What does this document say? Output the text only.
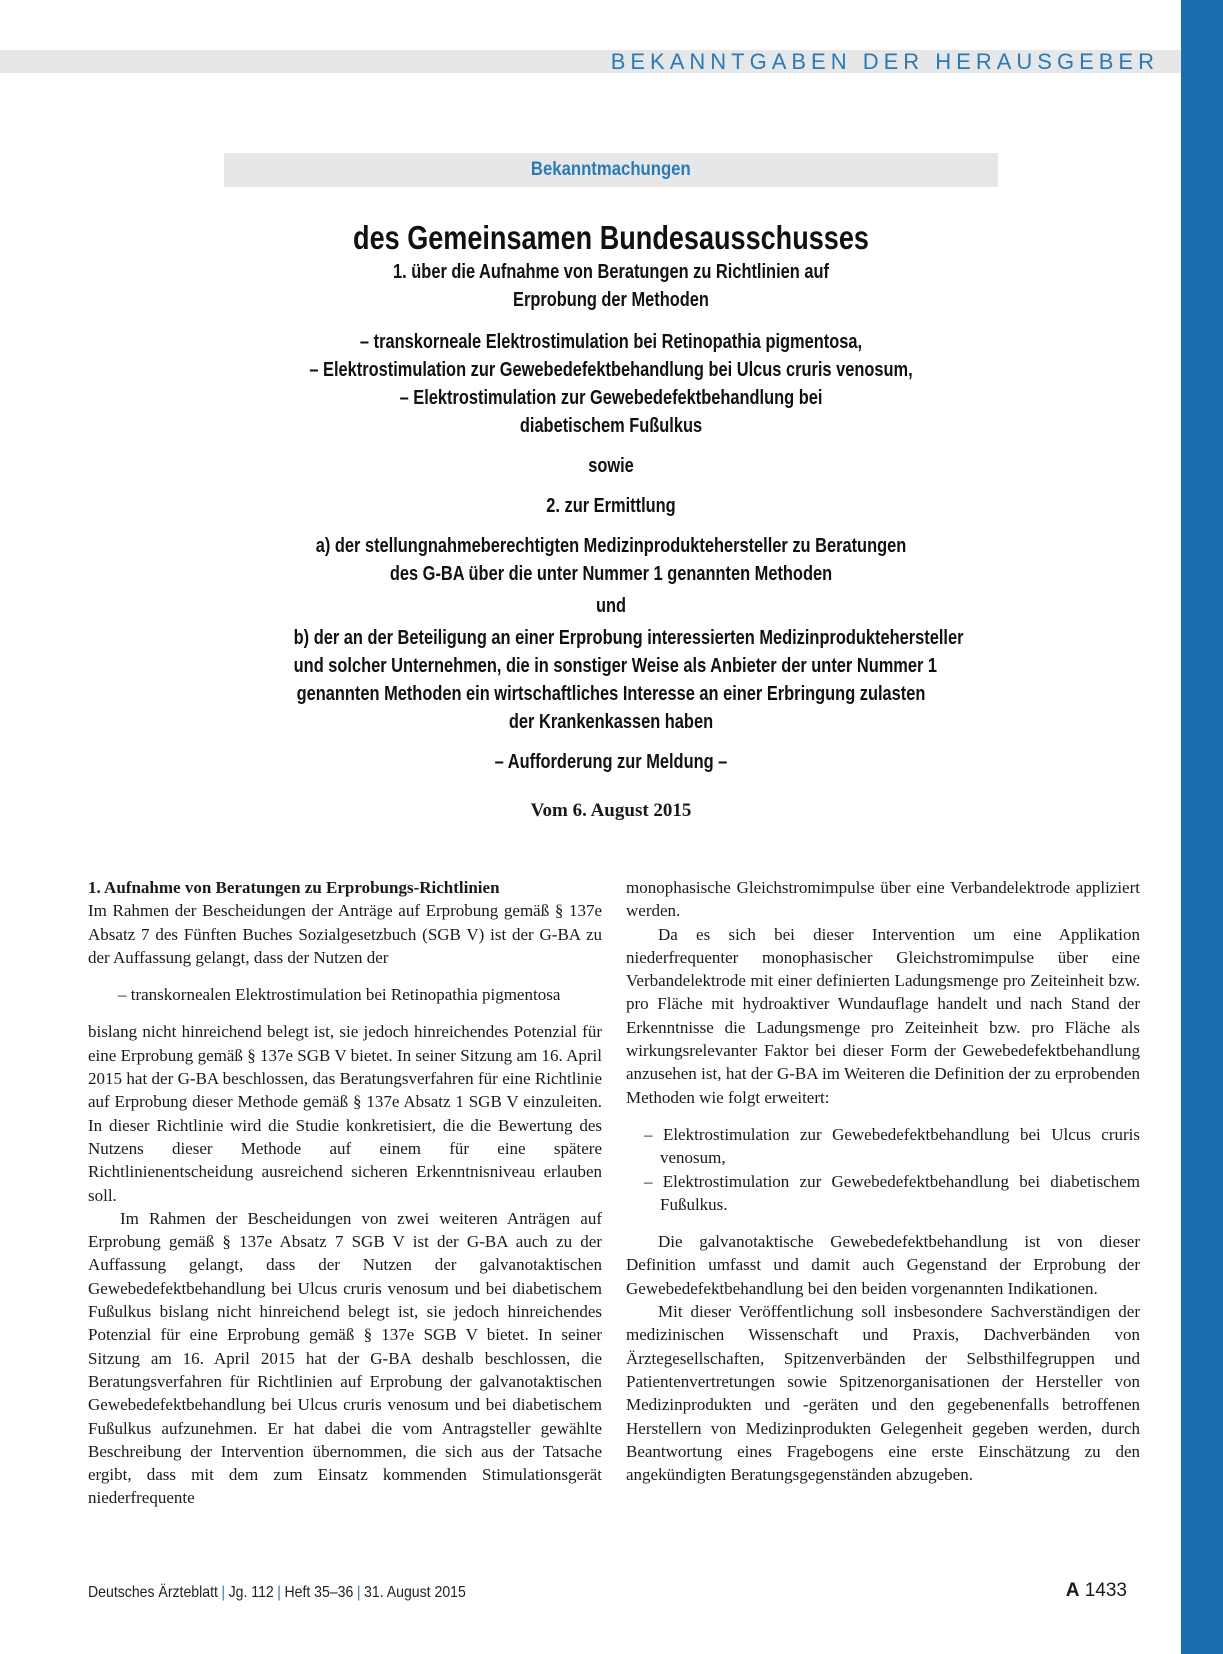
BEKANNTGABEN DER HERAUSGEBER
Bekanntmachungen
des Gemeinsamen Bundesausschusses
1. über die Aufnahme von Beratungen zu Richtlinien auf
Erprobung der Methoden
– transkorneale Elektrostimulation bei Retinopathia pigmentosa,
– Elektrostimulation zur Gewebedefektbehandlung bei Ulcus cruris venosum,
– Elektrostimulation zur Gewebedefektbehandlung bei
diabetischem Fußulkus
sowie
2. zur Ermittlung
a) der stellungnahmeberechtigten Medizinproduktehersteller zu Beratungen
des G-BA über die unter Nummer 1 genannten Methoden
und
b) der an der Beteiligung an einer Erprobung interessierten Medizinproduktehersteller
und solcher Unternehmen, die in sonstiger Weise als Anbieter der unter Nummer 1
genannten Methoden ein wirtschaftliches Interesse an einer Erbringung zulasten
der Krankenkassen haben
– Aufforderung zur Meldung –
Vom 6. August 2015

1. Aufnahme von Beratungen zu Erprobungs-Richtlinien

Im Rahmen der Bescheidungen der Anträge auf Erprobung gemäß § 137e Absatz 7 des Fünften Buches Sozialgesetzbuch (SGB V) ist der G-BA zu der Auffassung gelangt, dass der Nutzen der

– transkornealen Elektrostimulation bei Retinopathia pigmentosa

bislang nicht hinreichend belegt ist, sie jedoch hinreichendes Potenzial für eine Erprobung gemäß § 137e SGB V bietet. In seiner Sitzung am 16. April 2015 hat der G-BA beschlossen, das Beratungsverfahren für eine Richtlinie auf Erprobung dieser Methode gemäß § 137e Absatz 1 SGB V einzuleiten. In dieser Richtlinie wird die Studie konkretisiert, die die Bewertung des Nutzens dieser Methode auf einem für eine spätere Richtlinienentscheidung ausreichend sicheren Erkenntnisniveau erlauben soll.

Im Rahmen der Bescheidungen von zwei weiteren Anträgen auf Erprobung gemäß § 137e Absatz 7 SGB V ist der G-BA auch zu der Auffassung gelangt, dass der Nutzen der galvanotaktischen Gewebedefektbehandlung bei Ulcus cruris venosum und bei diabetischem Fußulkus bislang nicht hinreichend belegt ist, sie jedoch hinreichendes Potenzial für eine Erprobung gemäß § 137e SGB V bietet. In seiner Sitzung am 16. April 2015 hat der G-BA deshalb beschlossen, die Beratungsverfahren für Richtlinien auf Erprobung der galvanotaktischen Gewebedefektbehandlung bei Ulcus cruris venosum und bei diabetischem Fußulkus aufzunehmen. Er hat dabei die vom Antragsteller gewählte Beschreibung der Intervention übernommen, die sich aus der Tatsache ergibt, dass mit dem zum Einsatz kommenden Stimulationsgerät niederfrequente

monophasische Gleichstromimpulse über eine Verbandelektrode appliziert werden.

Da es sich bei dieser Intervention um eine Applikation niederfrequenter monophasischer Gleichstromimpulse über eine Verbandelektrode mit einer definierten Ladungsmenge pro Zeiteinheit bzw. pro Fläche mit hydroaktiver Wundauflage handelt und nach Stand der Erkenntnisse die Ladungsmenge pro Zeiteinheit bzw. pro Fläche als wirkungsrelevanter Faktor bei dieser Form der Gewebedefektbehandlung anzusehen ist, hat der G-BA im Weiteren die Definition der zu erprobenden Methoden wie folgt erweitert:

– Elektrostimulation zur Gewebedefektbehandlung bei Ulcus cruris venosum,

– Elektrostimulation zur Gewebedefektbehandlung bei diabetischem Fußulkus.

Die galvanotaktische Gewebedefektbehandlung ist von dieser Definition umfasst und damit auch Gegenstand der Erprobung der Gewebedefektbehandlung bei den beiden vorgenannten Indikationen.

Mit dieser Veröffentlichung soll insbesondere Sachverständigen der medizinischen Wissenschaft und Praxis, Dachverbänden von Ärztegesellschaften, Spitzenverbänden der Selbsthilfegruppen und Patientenvertretungen sowie Spitzenorganisationen der Hersteller von Medizinprodukten und -geräten und den gegebenenfalls betroffenen Herstellern von Medizinprodukten Gelegenheit gegeben werden, durch Beantwortung eines Fragebogens eine erste Einschätzung zu den angekündigten Beratungsgegenständen abzugeben.

Deutsches Ärzteblatt | Jg. 112 | Heft 35–36 | 31. August 2015	A 1433
